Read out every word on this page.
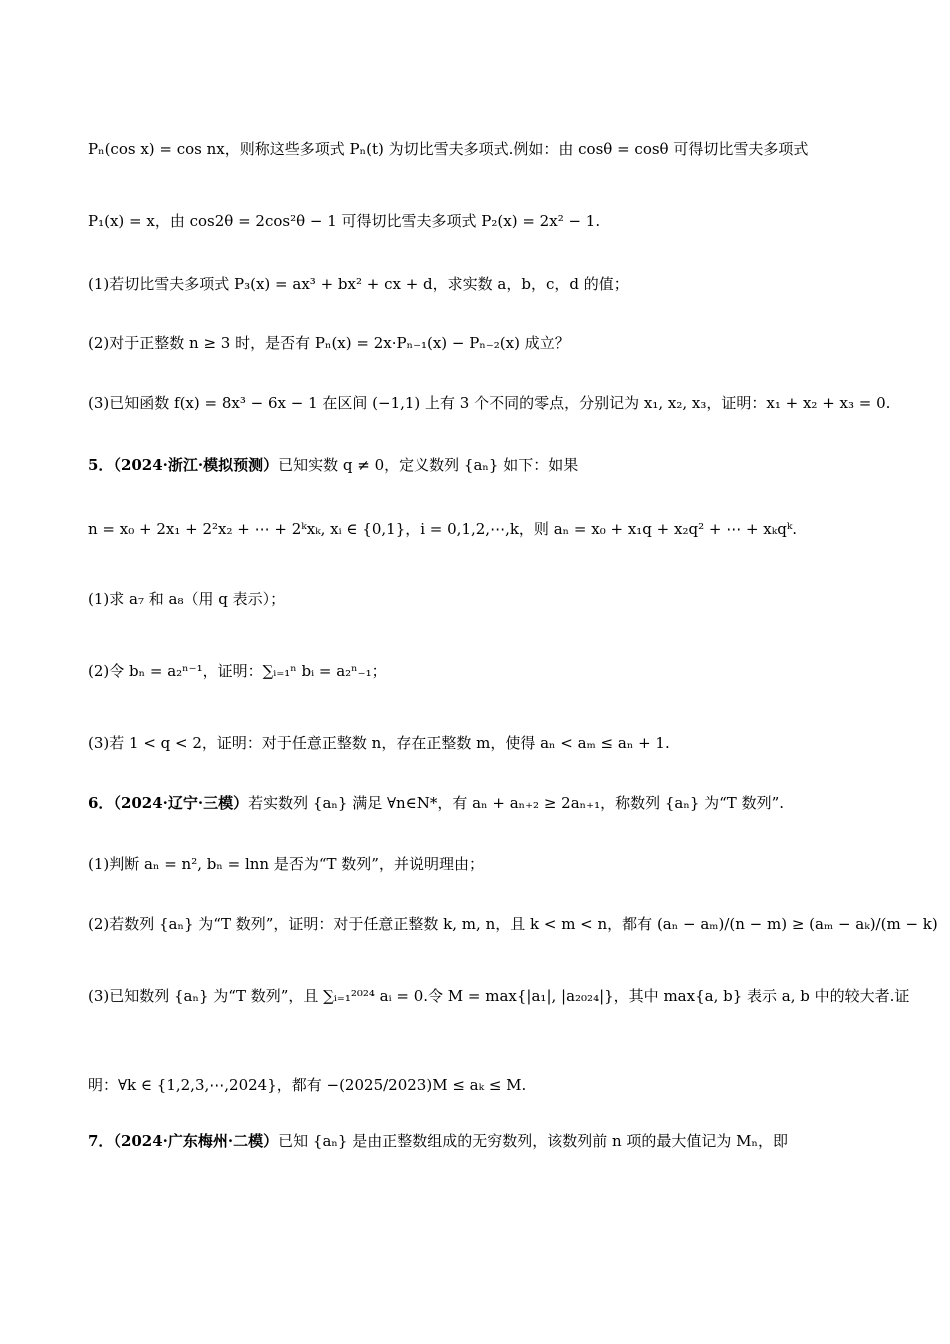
Pₙ(cos x) = cos nx，则称这些多项式 Pₙ(t) 为切比雪夫多项式.例如：由 cosθ = cosθ 可得切比雪夫多项式
P₁(x) = x，由 cos2θ = 2cos²θ − 1 可得切比雪夫多项式 P₂(x) = 2x² − 1.
(1)若切比雪夫多项式 P₃(x) = ax³ + bx² + cx + d，求实数 a，b，c，d 的值；
(2)对于正整数 n ≥ 3 时，是否有 Pₙ(x) = 2x·Pₙ₋₁(x) − Pₙ₋₂(x) 成立？
(3)已知函数 f(x) = 8x³ − 6x − 1 在区间 (−1,1) 上有 3 个不同的零点，分别记为 x₁, x₂, x₃，证明：x₁ + x₂ + x₃ = 0.
5．（2024·浙江·模拟预测）已知实数 q ≠ 0，定义数列 {aₙ} 如下：如果
n = x₀ + 2x₁ + 2²x₂ + ⋯ + 2ᵏxₖ, xᵢ ∈ {0,1}，i = 0,1,2,⋯,k，则 aₙ = x₀ + x₁q + x₂q² + ⋯ + xₖqᵏ.
(1)求 a₇ 和 a₈（用 q 表示）；
(2)令 bₙ = a₂ⁿ⁻¹，证明：∑ᵢ₌₁ⁿ bᵢ = a₂ⁿ₋₁；
(3)若 1 < q < 2，证明：对于任意正整数 n，存在正整数 m，使得 aₙ < aₘ ≤ aₙ + 1.
6．（2024·辽宁·三模）若实数列 {aₙ} 满足 ∀n∈N*，有 aₙ + aₙ₊₂ ≥ 2aₙ₊₁，称数列 {aₙ} 为“T 数列”.
(1)判断 aₙ = n², bₙ = lnn 是否为“T 数列”，并说明理由；
(2)若数列 {aₙ} 为“T 数列”，证明：对于任意正整数 k, m, n，且 k < m < n，都有 (aₙ − aₘ)/(n − m) ≥ (aₘ − aₖ)/(m − k)
(3)已知数列 {aₙ} 为“T 数列”，且 ∑ᵢ₌₁²⁰²⁴ aᵢ = 0.令 M = max{|a₁|, |a₂₀₂₄|}，其中 max{a, b} 表示 a, b 中的较大者.证
明：∀k ∈ {1,2,3,⋯,2024}，都有 −(2025/2023)M ≤ aₖ ≤ M.
7．（2024·广东梅州·二模）已知 {aₙ} 是由正整数组成的无穷数列，该数列前 n 项的最大值记为 Mₙ，即
